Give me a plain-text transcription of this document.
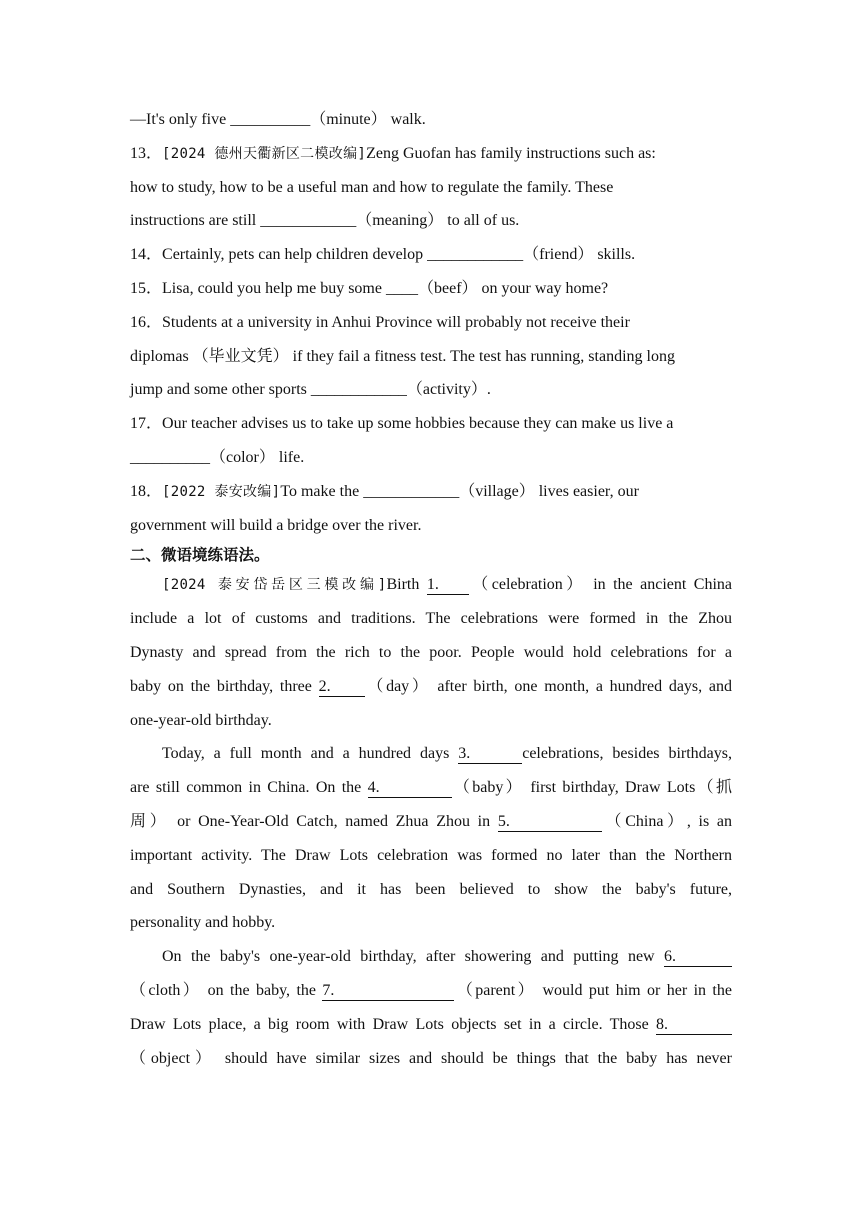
—It's only five __________（minute） walk.
13．[2024 德州天衢新区二模改编]Zeng Guofan has family instructions such as:
how to study, how to be a useful man and how to regulate the family. These
instructions are still ____________（meaning） to all of us.
14．Certainly, pets can help children develop ____________（friend） skills.
15．Lisa, could you help me buy some ____（beef） on your way home?
16．Students at a university in Anhui Province will probably not receive their
diplomas （毕业文凭） if they fail a fitness test. The test has running, standing long
jump and some other sports ____________（activity）.
17．Our teacher advises us to take up some hobbies because they can make us live a
__________（color） life.
18．[2022 泰安改编]To make the ____________（village） lives easier, our
government will build a bridge over the river.
二、微语境练语法。
[2024 泰安岱岳区三模改编]Birth 1. （celebration） in the ancient China
include a lot of customs and traditions. The celebrations were formed in the Zhou
Dynasty and spread from the rich to the poor. People would hold celebrations for a
baby on the birthday, three 2. （day） after birth, one month, a hundred days, and
one-year-old birthday.
Today, a full month and a hundred days 3.	celebrations, besides birthdays,
are still common in China. On the 4.	（baby） first birthday, Draw Lots（抓
周） or One-Year-Old Catch, named Zhua Zhou in 5.	（China）, is an
important activity. The Draw Lots celebration was formed no later than the Northern
and Southern Dynasties, and it has been believed to show the baby's future,
personality and hobby.
On the baby's one-year-old birthday, after showering and putting new 6.
（cloth） on the baby, the 7.	（parent） would put him or her in the
Draw Lots place, a big room with Draw Lots objects set in a circle. Those 8.
（object） should have similar sizes and should be things that the baby has never
